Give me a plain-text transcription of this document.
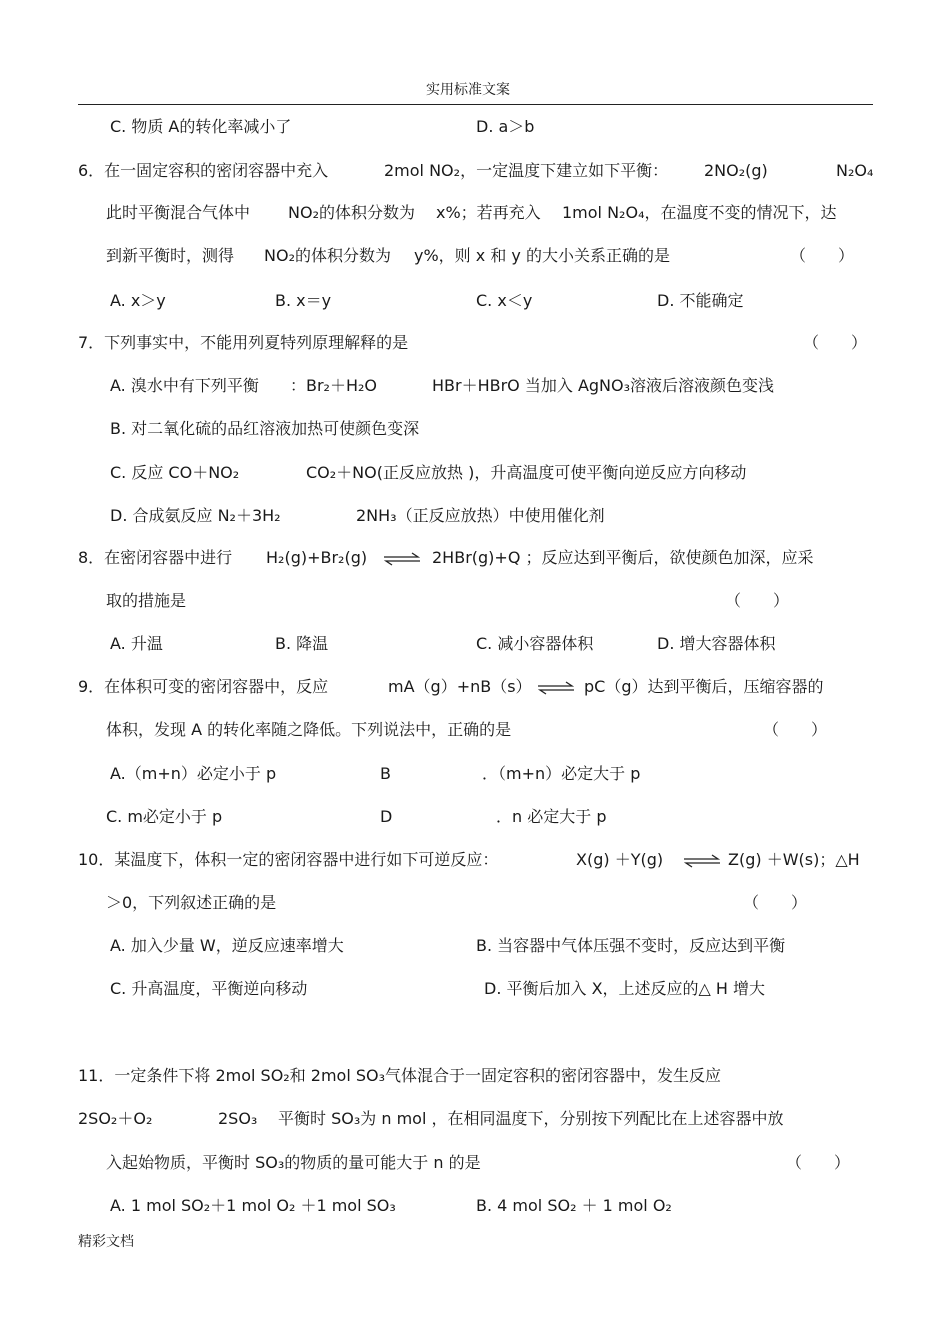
实用标准文案
C. 物质 A的转化率减小了	D. a＞b
6．在一固定容积的密闭容器中充入	2mol NO₂，一定温度下建立如下平衡： 2NO₂(g)	N₂O₄
此时平衡混合气体中 NO₂的体积分数为 x%；若再充入 1mol N₂O₄，在温度不变的情况下，达
到新平衡时，测得 NO₂的体积分数为 y%，则 x 和 y 的大小关系正确的是	（　　）
A. x＞y	B. x＝y	C. x＜y	D. 不能确定
7．下列事实中，不能用列夏特列原理解释的是	（　　）
A. 溴水中有下列平衡 ：Br₂＋H₂O	HBr＋HBrO 当加入 AgNO₃溶液后溶液颜色变浅
B. 对二氧化硫的品红溶液加热可使颜色变深
C. 反应 CO＋NO₂	CO₂＋NO(正反应放热 )，升高温度可使平衡向逆反应方向移动
D. 合成氨反应 N₂＋3H₂	2NH₃（正反应放热）中使用催化剂
8．在密闭容器中进行 H₂(g)+Br₂(g)	2HBr(g)+Q ；反应达到平衡后，欲使颜色加深，应采
取的措施是	（　　）
A. 升温	B. 降温	C. 减小容器体积	D. 增大容器体积
9．在体积可变的密闭容器中，反应	mA（g）+nB（s）	pC（g）达到平衡后，压缩容器的
体积，发现 A 的转化率随之降低。下列说法中，正确的是	（　　）
A.（m+n）必定小于 p	B	．（m+n）必定大于 p
C. m必定小于 p	D	．n 必定大于 p
10．某温度下，体积一定的密闭容器中进行如下可逆反应：	X(g) ＋Y(g)	Z(g) ＋W(s)；△H
＞0，下列叙述正确的是	（　　）
A. 加入少量 W，逆反应速率增大	B. 当容器中气体压强不变时，反应达到平衡
C. 升高温度，平衡逆向移动	D. 平衡后加入 X，上述反应的△ H 增大
11．一定条件下将 2mol SO₂和 2mol SO₃气体混合于一固定容积的密闭容器中，发生反应
2SO₂＋O₂	2SO₃ 平衡时 SO₃为 n mol ，在相同温度下，分别按下列配比在上述容器中放
入起始物质，平衡时 SO₃的物质的量可能大于 n 的是	（　　）
A. 1 mol SO₂＋1 mol O₂ ＋1 mol SO₃	B. 4 mol SO₂ ＋ 1 mol O₂
精彩文档
